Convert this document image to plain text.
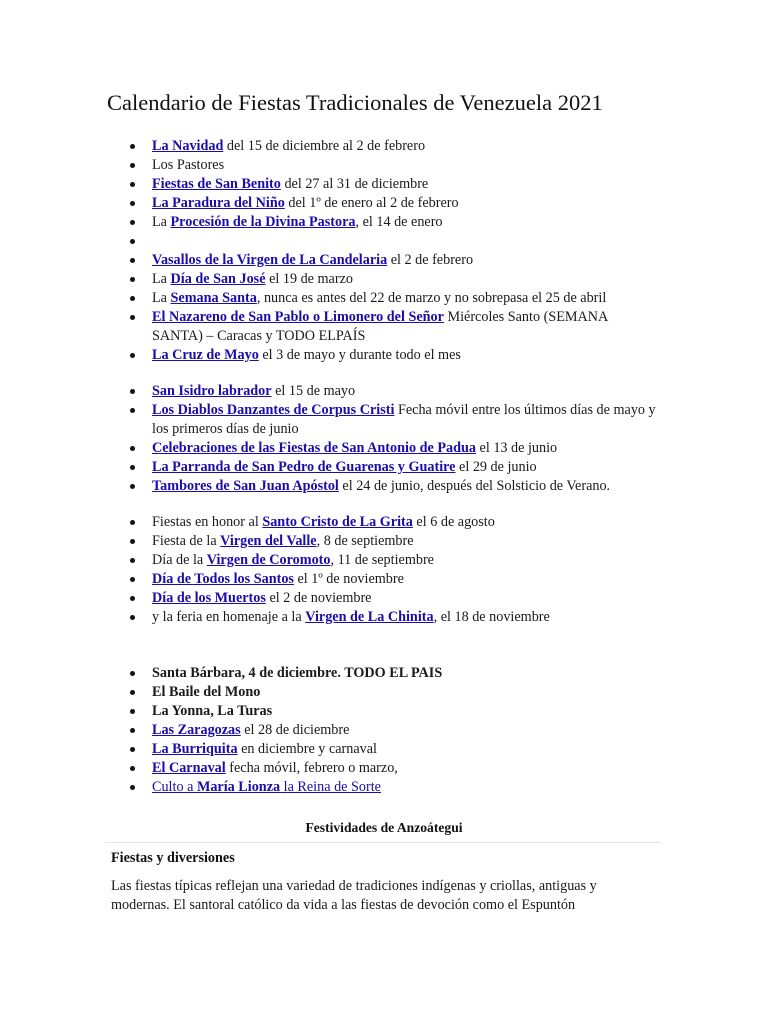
Calendario de Fiestas Tradicionales de Venezuela 2021
La Navidad del 15 de diciembre al 2 de febrero
Los Pastores
Fiestas de San Benito del 27 al 31 de diciembre
La Paradura del Niño del 1º de enero al 2 de febrero
La Procesión de la Divina Pastora, el 14 de enero

Vasallos de la Virgen de La Candelaria el 2 de febrero
La Día de San José el 19 de marzo
La Semana Santa, nunca es antes del 22 de marzo y no sobrepasa el 25 de abril
El Nazareno de San Pablo o Limonero del Señor Miércoles Santo (SEMANA SANTA) – Caracas y TODO ELPAÍS
La Cruz de Mayo el 3 de mayo y durante todo el mes
San Isidro labrador el 15 de mayo
Los Diablos Danzantes de Corpus Cristi Fecha móvil entre los últimos días de mayo y los primeros días de junio
Celebraciones de las Fiestas de San Antonio de Padua el 13 de junio
La Parranda de San Pedro de Guarenas y Guatire el 29 de junio
Tambores de San Juan Apóstol el 24 de junio, después del Solsticio de Verano.
Fiestas en honor al Santo Cristo de La Grita el 6 de agosto
Fiesta de la Virgen del Valle, 8 de septiembre
Día de la Virgen de Coromoto, 11 de septiembre
Día de Todos los Santos el 1º de noviembre
Día de los Muertos el 2 de noviembre
y la feria en homenaje a la Virgen de La Chinita, el 18 de noviembre
Santa Bárbara, 4 de diciembre. TODO EL PAIS
El Baile del Mono
La Yonna, La Turas
Las Zaragozas el 28 de diciembre
La Burriquita en diciembre y carnaval
El Carnaval fecha móvil, febrero o marzo,
Culto a María Lionza la Reina de Sorte
Festividades de Anzoátegui
Fiestas y diversiones

Las fiestas típicas reflejan una variedad de tradiciones indígenas y criollas, antiguas y modernas. El santoral católico da vida a las fiestas de devoción como el Espuntón
